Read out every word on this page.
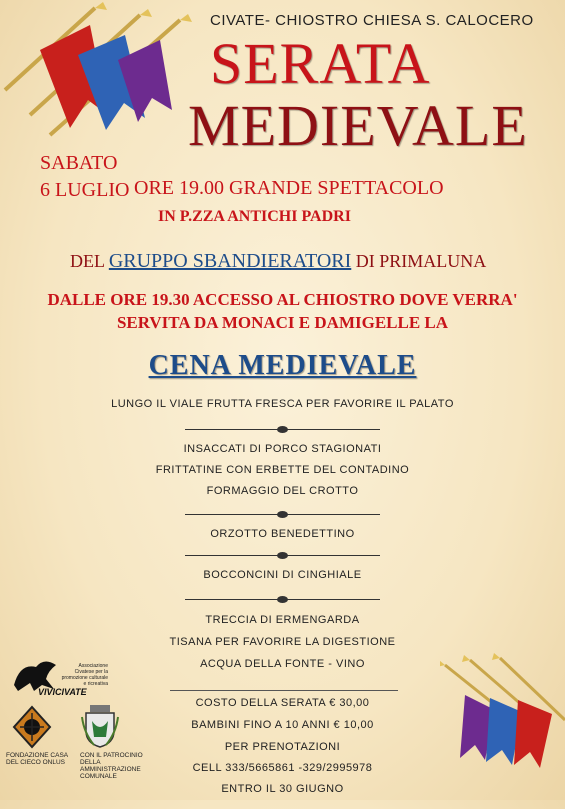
CIVATE- CHIOSTRO CHIESA S. CALOCERO
SERATA
MEDIEVALE
SABATO
6 LUGLIO ORE 19.00 GRANDE SPETTACOLO
IN P.ZZA ANTICHI PADRI
DEL GRUPPO SBANDIERATORI DI PRIMALUNA
DALLE ORE 19.30 ACCESSO AL CHIOSTRO DOVE VERRA'
SERVITA DA MONACI E DAMIGELLE LA
CENA MEDIEVALE
LUNGO IL VIALE FRUTTA FRESCA PER FAVORIRE IL PALATO
INSACCATI DI PORCO STAGIONATI
FRITTATINE CON ERBETTE DEL CONTADINO
FORMAGGIO DEL CROTTO
ORZOTTO BENEDETTINO
BOCCONCINI DI CINGHIALE
TRECCIA DI ERMENGARDA
TISANA PER FAVORIRE LA DIGESTIONE
ACQUA DELLA FONTE - VINO
COSTO DELLA SERATA € 30,00
BAMBINI FINO A 10 ANNI € 10,00
PER PRENOTAZIONI
CELL 333/5665861 -329/2995978
ENTRO IL 30 GIUGNO
Associazione Civatese per la promozione culturale e ricreativa
VIVICIVATE
FONDAZIONE CASA DEL CIECO ONLUS
CON IL PATROCINIO DELLA AMMINISTRAZIONE COMUNALE
